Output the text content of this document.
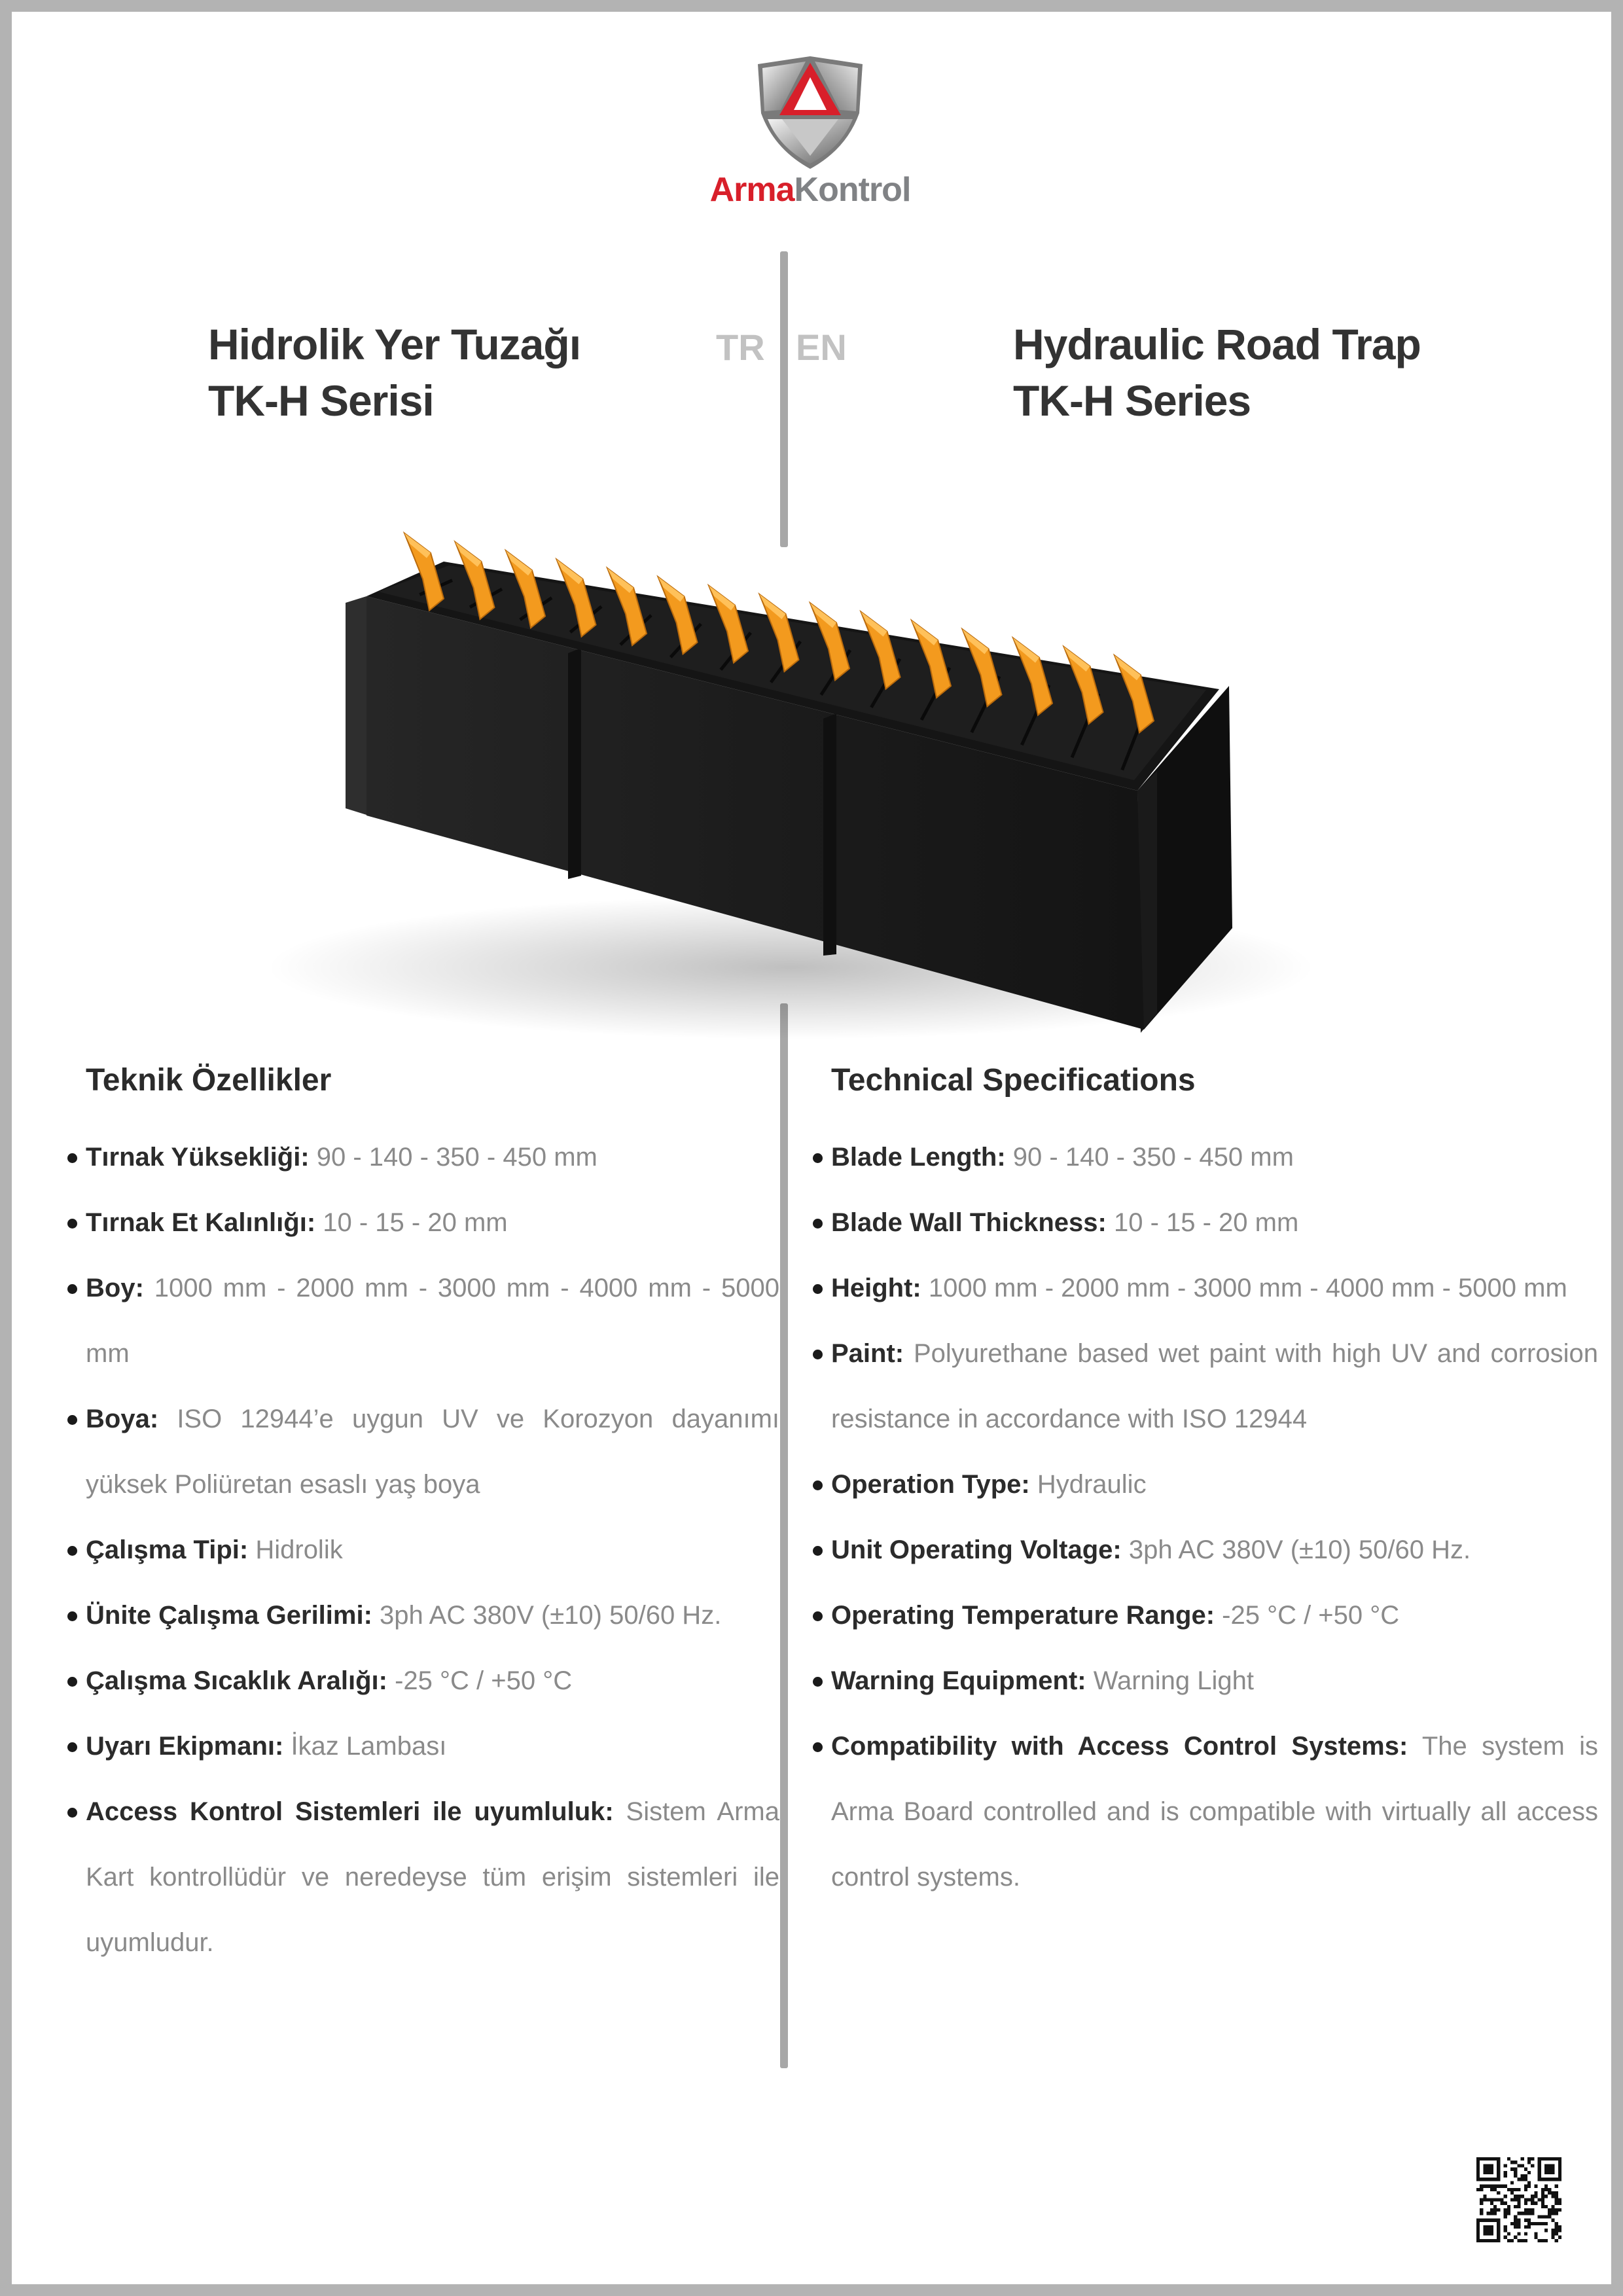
ArmaKontrol
Hidrolik Yer Tuzağı
TK-H Serisi
Hydraulic Road Trap
TK-H Series
TR EN
Teknik Özellikler
Tırnak Yüksekliği: 90 - 140 - 350 - 450 mm
Tırnak Et Kalınlığı: 10 - 15 - 20 mm
Boy: 1000 mm - 2000 mm - 3000 mm - 4000 mm - 5000 mm
Boya: ISO 12944’e uygun UV ve Korozyon dayanımı yüksek Poliüretan esaslı yaş boya
Çalışma Tipi: Hidrolik
Ünite Çalışma Gerilimi: 3ph AC 380V (±10) 50/60 Hz.
Çalışma Sıcaklık Aralığı: -25 °C / +50 °C
Uyarı Ekipmanı: İkaz Lambası
Access Kontrol Sistemleri ile uyumluluk: Sistem Arma Kart kontrollüdür ve neredeyse tüm erişim sistemleri ile uyumludur.
Technical Specifications
Blade Length: 90 - 140 - 350 - 450 mm
Blade Wall Thickness: 10 - 15 - 20 mm
Height: 1000 mm - 2000 mm - 3000 mm - 4000 mm - 5000 mm
Paint: Polyurethane based wet paint with high UV and corrosion resistance in accordance with ISO 12944
Operation Type: Hydraulic
Unit Operating Voltage: 3ph AC 380V (±10) 50/60 Hz.
Operating Temperature Range: -25 °C / +50 °C
Warning Equipment: Warning Light
Compatibility with Access Control Systems: The system is Arma Board controlled and is compatible with virtually all access control systems.
